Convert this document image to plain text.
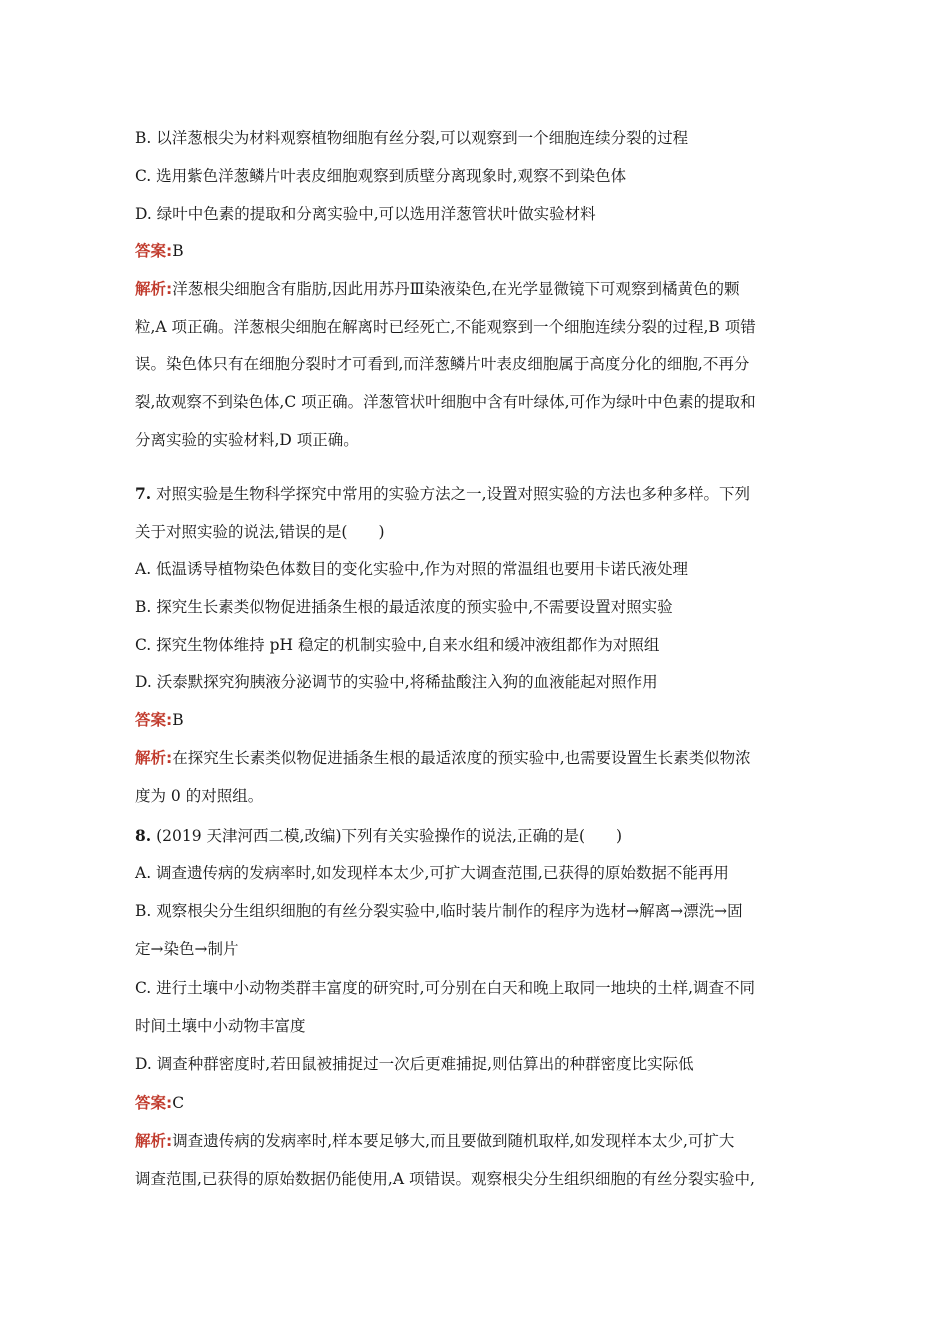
B. 以洋葱根尖为材料观察植物细胞有丝分裂,可以观察到一个细胞连续分裂的过程
C. 选用紫色洋葱鳞片叶表皮细胞观察到质壁分离现象时,观察不到染色体
D. 绿叶中色素的提取和分离实验中,可以选用洋葱管状叶做实验材料
答案:B
解析:洋葱根尖细胞含有脂肪,因此用苏丹Ⅲ染液染色,在光学显微镜下可观察到橘黄色的颗
粒,A 项正确。洋葱根尖细胞在解离时已经死亡,不能观察到一个细胞连续分裂的过程,B 项错
误。染色体只有在细胞分裂时才可看到,而洋葱鳞片叶表皮细胞属于高度分化的细胞,不再分
裂,故观察不到染色体,C 项正确。洋葱管状叶细胞中含有叶绿体,可作为绿叶中色素的提取和
分离实验的实验材料,D 项正确。
7. 对照实验是生物科学探究中常用的实验方法之一,设置对照实验的方法也多种多样。下列
关于对照实验的说法,错误的是(　　)
A. 低温诱导植物染色体数目的变化实验中,作为对照的常温组也要用卡诺氏液处理
B. 探究生长素类似物促进插条生根的最适浓度的预实验中,不需要设置对照实验
C. 探究生物体维持 pH 稳定的机制实验中,自来水组和缓冲液组都作为对照组
D. 沃泰默探究狗胰液分泌调节的实验中,将稀盐酸注入狗的血液能起对照作用
答案:B
解析:在探究生长素类似物促进插条生根的最适浓度的预实验中,也需要设置生长素类似物浓
度为 0 的对照组。
8. (2019 天津河西二模,改编)下列有关实验操作的说法,正确的是(　　)
A. 调查遗传病的发病率时,如发现样本太少,可扩大调查范围,已获得的原始数据不能再用
B. 观察根尖分生组织细胞的有丝分裂实验中,临时装片制作的程序为选材→解离→漂洗→固
定→染色→制片
C. 进行土壤中小动物类群丰富度的研究时,可分别在白天和晚上取同一地块的土样,调查不同
时间土壤中小动物丰富度
D. 调查种群密度时,若田鼠被捕捉过一次后更难捕捉,则估算出的种群密度比实际低
答案:C
解析:调查遗传病的发病率时,样本要足够大,而且要做到随机取样,如发现样本太少,可扩大
调查范围,已获得的原始数据仍能使用,A 项错误。观察根尖分生组织细胞的有丝分裂实验中,
